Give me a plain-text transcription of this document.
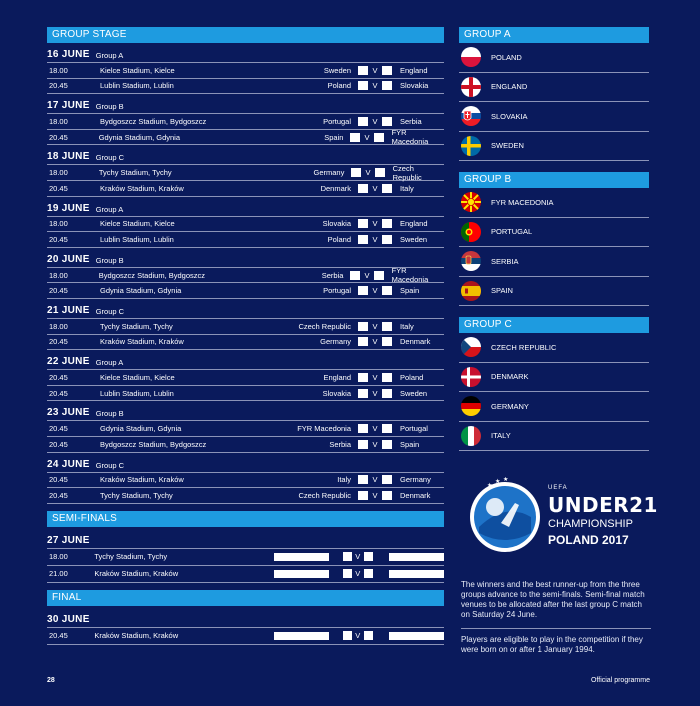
GROUP STAGE
16 JUNE Group A
18.00	Kielce Stadium, Kielce	Sweden	V	England
20.45	Lublin Stadium, Lublin	Poland	V	Slovakia
17 JUNE Group B
18.00	Bydgoszcz Stadium, Bydgoszcz	Portugal	V	Serbia
20.45	Gdynia Stadium, Gdynia	Spain	V	FYR Macedonia
18 JUNE Group C
18.00	Tychy Stadium, Tychy	Germany	V	Czech Republic
20.45	Kraków Stadium, Kraków	Denmark	V	Italy
19 JUNE Group A
18.00	Kielce Stadium, Kielce	Slovakia	V	England
20.45	Lublin Stadium, Lublin	Poland	V	Sweden
20 JUNE Group B
18.00	Bydgoszcz Stadium, Bydgoszcz	Serbia	V	FYR Macedonia
20.45	Gdynia Stadium, Gdynia	Portugal	V	Spain
21 JUNE Group C
18.00	Tychy Stadium, Tychy	Czech Republic	V	Italy
20.45	Kraków Stadium, Kraków	Germany	V	Denmark
22 JUNE Group A
20.45	Kielce Stadium, Kielce	England	V	Poland
20.45	Lublin Stadium, Lublin	Slovakia	V	Sweden
23 JUNE Group B
20.45	Gdynia Stadium, Gdynia	FYR Macedonia	V	Portugal
20.45	Bydgoszcz Stadium, Bydgoszcz	Serbia	V	Spain
24 JUNE Group C
20.45	Kraków Stadium, Kraków	Italy	V	Germany
20.45	Tychy Stadium, Tychy	Czech Republic	V	Denmark
SEMI-FINALS
27 JUNE
18.00	Tychy Stadium, Tychy	V
21.00	Kraków Stadium, Kraków	V
FINAL
30 JUNE
20.45	Kraków Stadium, Kraków	V
GROUP A
POLAND
ENGLAND
SLOVAKIA
SWEDEN
GROUP B
FYR MACEDONIA
PORTUGAL
SERBIA
SPAIN
GROUP C
CZECH REPUBLIC
DENMARK
GERMANY
ITALY
★
★ ★
UEFA
UNDER21
CHAMPIONSHIP
POLAND 2017
The winners and the best runner-up from the three groups advance to the semi-finals. Semi-final match venues to be allocated after the last group C match on Saturday 24 June.
Players are eligible to play in the competition if they were born on or after 1 January 1994.
28	Official programme
